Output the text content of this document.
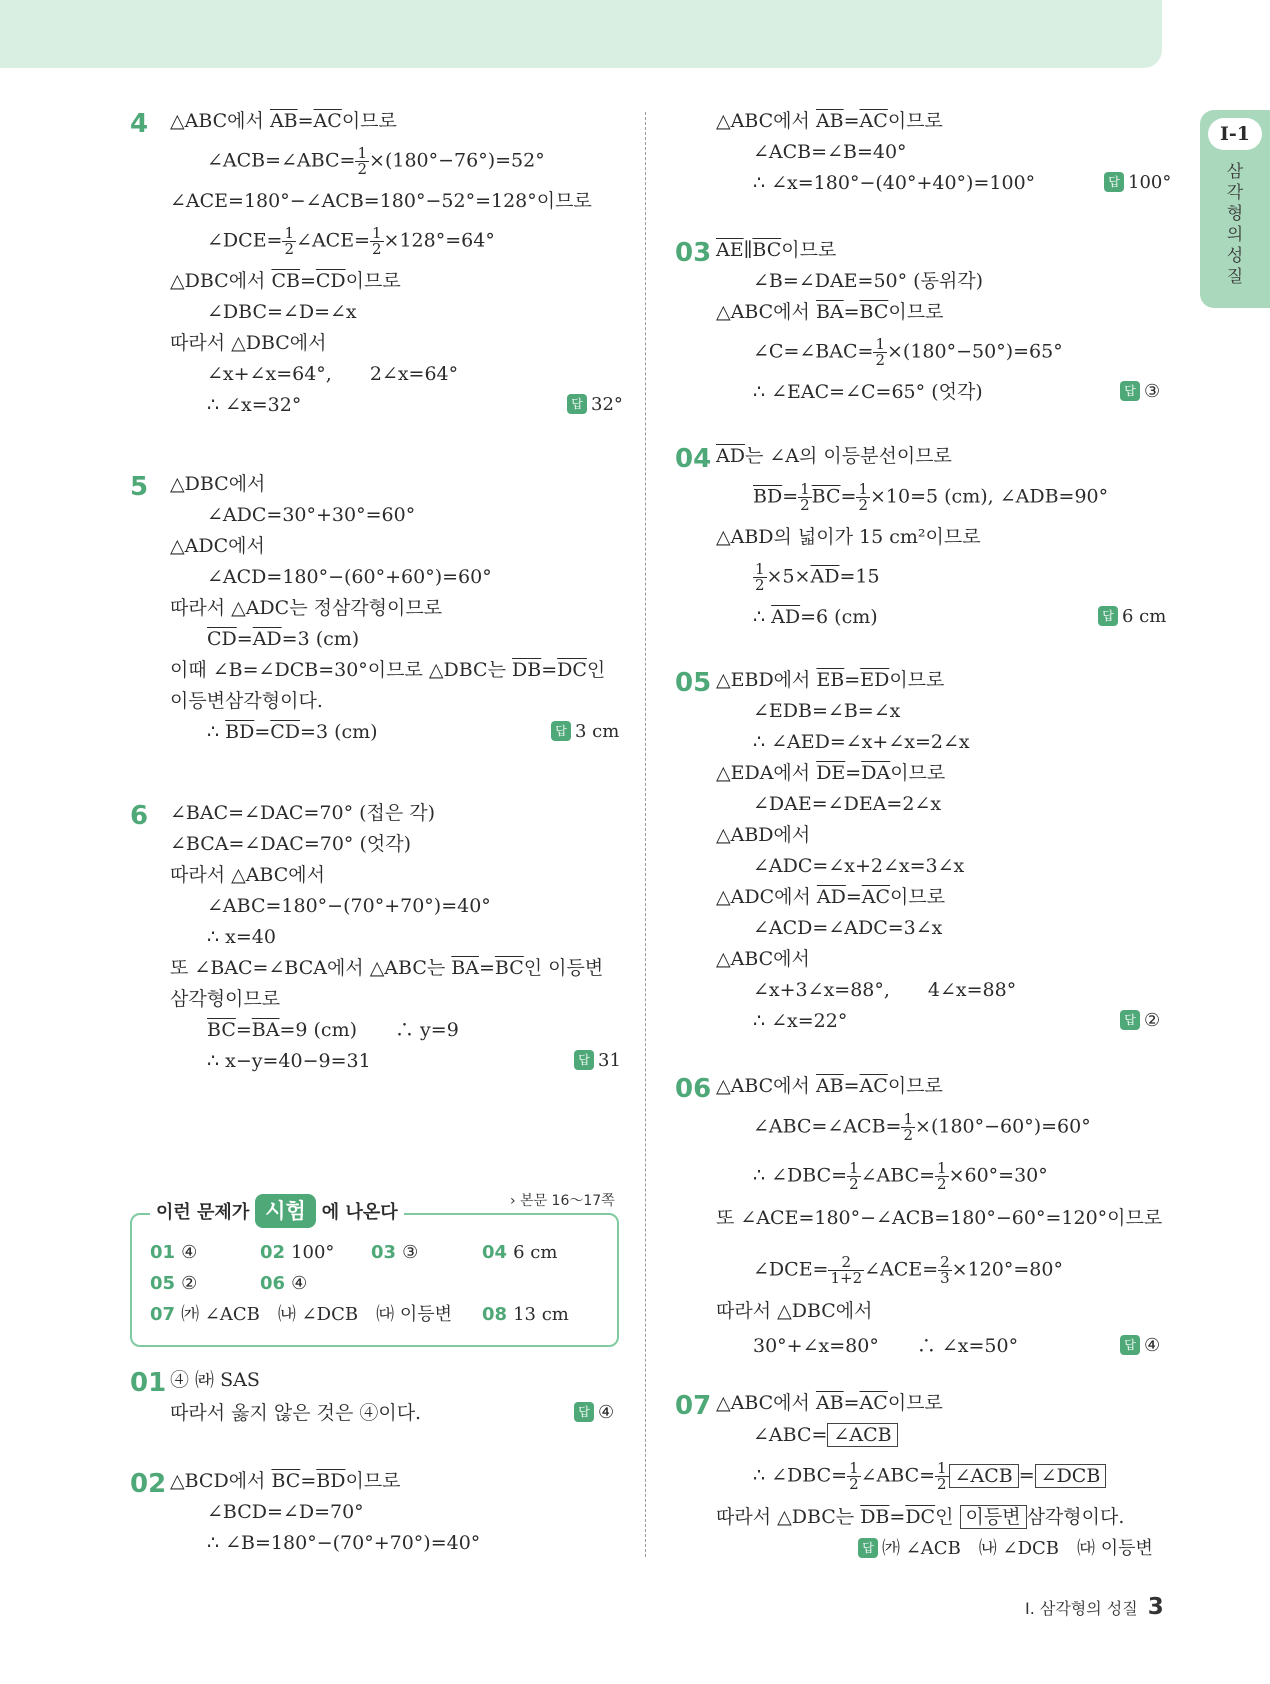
I-1
삼각형의 성질
4 △ABC에서 $\overline{AB}=\overline{AC}$이므로
∠ACB=∠ABC= $\frac{1}{2} \times(180^\circ-76^\circ)=52^\circ$
∠ACE=180°−∠ACB=180°−52°=128°이므로
∠DCE= $\frac{1}{2}$ ∠ACE= $\frac{1}{2} \times 128^\circ=64^\circ$
△DBC에서 $\overline{CB}=\overline{CD}$이므로
∠DBC=∠D=∠x
따라서 △DBC에서
∠x+∠x=64°,　　2∠x=64°
∴ ∠x=32°	답 32°
5 △DBC에서
∠ADC=30°+30°=60°
△ADC에서
∠ACD=180°−(60°+60°)=60°
따라서 △ADC는 정삼각형이므로
$\overline{CD}=\overline{AD}=3$ (cm)
이때 ∠B=∠DCB=30°이므로 △DBC는 $\overline{DB}=\overline{DC}$인
이등변삼각형이다.
∴ $\overline{BD}=\overline{CD}=3$ (cm)	답 3 cm
6 ∠BAC=∠DAC=70° (접은 각)
∠BCA=∠DAC=70° (엇각)
따라서 △ABC에서
∠ABC=180°−(70°+70°)=40°
∴ x=40
또 ∠BAC=∠BCA에서 △ABC는 $\overline{BA}=\overline{BC}$인 이등변
삼각형이므로
$\overline{BC}=\overline{BA}=9$ (cm)　　∴ y=9
∴ x−y=40−9=31	답 31
이런 문제가 시험 에 나온다
› 본문 16～17쪽
01 ④	02 100° 03 ③	04 6 cm
05 ②	06 ④
07 ㈎ ∠ACB　㈏ ∠DCB　㈐ 이등변 08 13 cm
01 ④ ㈑ SAS
따라서 옳지 않은 것은 ④이다.	답 ④
02 △BCD에서 $\overline{BC}=\overline{BD}$이므로
∠BCD=∠D=70°
∴ ∠B=180°−(70°+70°)=40°
△ABC에서 $\overline{AB}=\overline{AC}$이므로
∠ACB=∠B=40°
∴ ∠x=180°−(40°+40°)=100°	답 100°
03 $\overline{AE}\parallel\overline{BC}$이므로
∠B=∠DAE=50° (동위각)
△ABC에서 $\overline{BA}=\overline{BC}$이므로
∠C=∠BAC= $\frac{1}{2} \times(180^\circ-50^\circ)=65^\circ$
∴ ∠EAC=∠C=65° (엇각)	답 ③
04 $\overline{AD}$는 ∠A의 이등분선이므로
$\overline{BD}= \frac{1}{2} \overline{BC}= \frac{1}{2} \times 10=5$ (cm), ∠ADB=90°
△ABD의 넓이가 15 cm²이므로
$\frac{1}{2} \times 5\times\overline{AD}=15$
∴ $\overline{AD}=6$ (cm)	답 6 cm
05 △EBD에서 $\overline{EB}=\overline{ED}$이므로
∠EDB=∠B=∠x
∴ ∠AED=∠x+∠x=2∠x
△EDA에서 $\overline{DE}=\overline{DA}$이므로
∠DAE=∠DEA=2∠x
△ABD에서
∠ADC=∠x+2∠x=3∠x
△ADC에서 $\overline{AD}=\overline{AC}$이므로
∠ACD=∠ADC=3∠x
△ABC에서
∠x+3∠x=88°,　　4∠x=88°
∴ ∠x=22°	답 ②
06 △ABC에서 $\overline{AB}=\overline{AC}$이므로
∠ABC=∠ACB= $\frac{1}{2} \times(180^\circ-60^\circ)=60^\circ$
∴ ∠DBC= $\frac{1}{2}$ ∠ABC= $\frac{1}{2} \times 60^\circ=30^\circ$
또 ∠ACE=180°−∠ACB=180°−60°=120°이므로
∠DCE= $\frac{2}{1+2}$ ∠ACE= $\frac{2}{3} \times 120^\circ=80^\circ$
따라서 △DBC에서
30°+∠x=80°　　∴ ∠x=50°	답 ④
07 △ABC에서 $\overline{AB}=\overline{AC}$이므로
∠ABC= ∠ACB
∴ ∠DBC= $\frac{1}{2}$ ∠ABC= $\frac{1}{2}$ ∠ACB = ∠DCB
따라서 △DBC는 $\overline{DB}=\overline{DC}$인 이등변 삼각형이다.
답 ㈎ ∠ACB　㈏ ∠DCB　㈐ 이등변
I. 삼각형의 성질 3
